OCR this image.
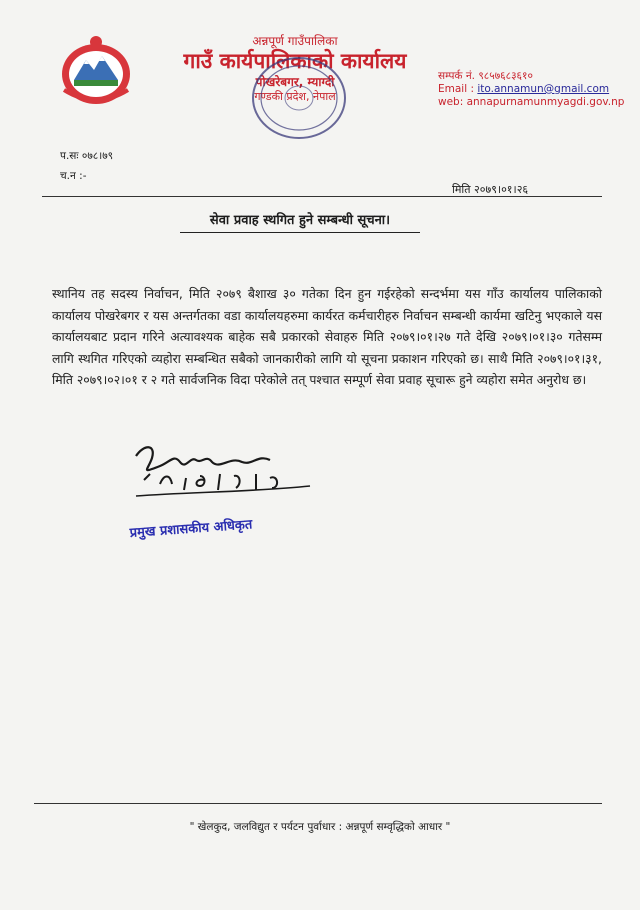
अन्नपूर्ण गाउँपालिका
गाउँ कार्यपालिकाको कार्यालय
पोखरेबगर, म्याग्दी
गण्डकी प्रदेश, नेपाल
सम्पर्क नं. ९८५७६८३६१०
Email : ito.annamun@gmail.com
web: annapurnamunmyagdi.gov.np
प.सः ०७८।७९
च.न :-
मिति २०७९।०१।२६
सेवा प्रवाह स्थगित हुने सम्बन्धी सूचना।

स्थानिय तह सदस्य निर्वाचन, मिति २०७९ बैशाख ३० गतेका दिन हुन गईरहेको सन्दर्भमा यस गाँउ कार्यालय पालिकाको कार्यालय पोखरेबगर र यस अन्तर्गतका वडा कार्यालयहरुमा कार्यरत कर्मचारीहरु निर्वाचन सम्बन्धी कार्यमा खटिनु भएकाले यस कार्यालयबाट प्रदान गरिने अत्यावश्यक बाहेक सबै प्रकारको सेवाहरु मिति २०७९।०१।२७ गते देखि २०७९।०१।३० गतेसम्म लागि स्थगित गरिएको व्यहोरा सम्बन्धित सबैको जानकारीको लागि यो सूचना प्रकाशन गरिएको छ। साथै मिति २०७९।०१।३१, मिति २०७९।०२।०१ र २ गते सार्वजनिक विदा परेकोले तत् पश्चात सम्पूर्ण सेवा प्रवाह सूचारू हुने व्यहोरा समेत अनुरोध छ।

प्रमुख प्रशासकीय अधिकृत
" खेलकुद, जलविद्युत र पर्यटन पुर्वाधार : अन्नपूर्ण सम्वृद्धिको आधार "
